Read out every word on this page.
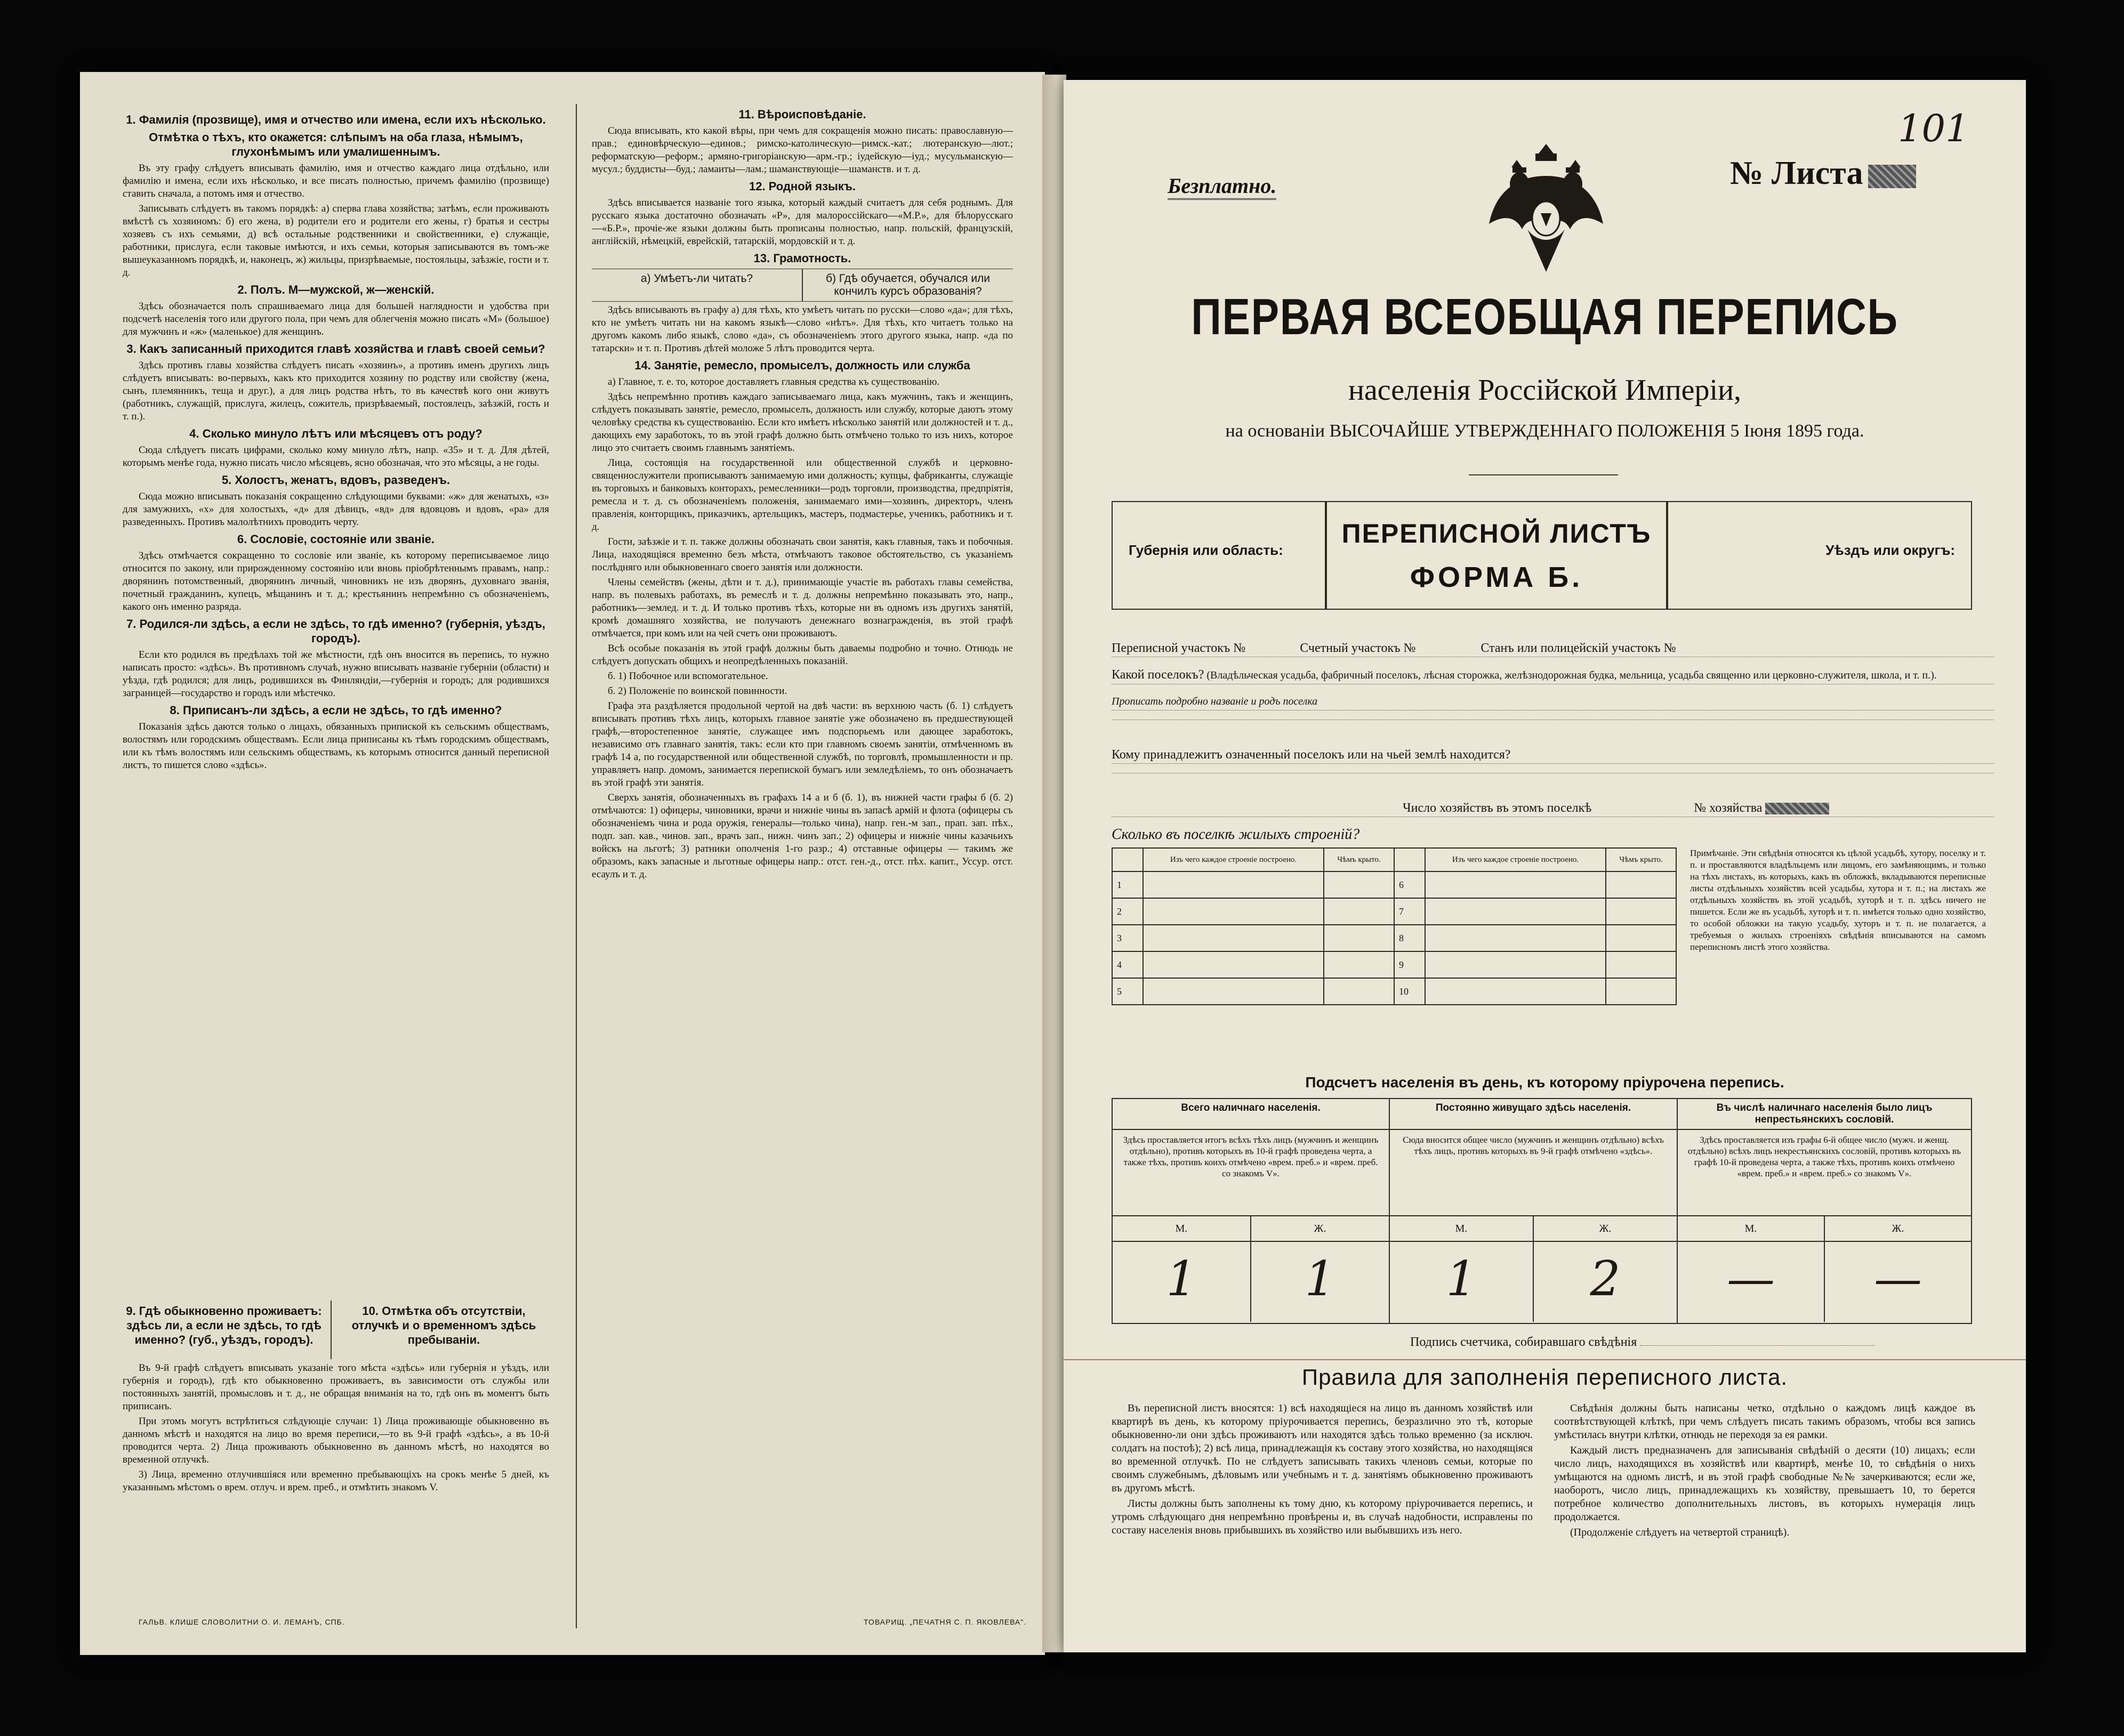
1. Фамилія (прозвище), имя и отчество или имена, если ихъ нѣсколько.
Отмѣтка о тѣхъ, кто окажется: слѣпымъ на оба глаза, нѣмымъ, глухонѣмымъ или умалишеннымъ.

Въ эту графу слѣдуетъ вписывать фамилію, имя и отчество каждаго лица отдѣльно, или фамилію и имена, если ихъ нѣсколько, и все писать полностью, причемъ фамилію (прозвище) ставить сначала, а потомъ имя и отчество.

Записывать слѣдуетъ въ такомъ порядкѣ: а) сперва глава хозяйства; затѣмъ, если проживають вмѣстѣ съ хозяиномъ: б) его жена, в) родители его и родители его жены, г) братья и сестры хозяевъ съ ихъ семьями, д) всѣ остальные родственники и свойственники, е) служащіе, работники, прислуга, если таковые имѣются, и ихъ семьи, которыя записываются въ томъ-же вышеуказанномъ порядкѣ, и, наконецъ, ж) жильцы, призрѣваемые, постояльцы, заѣзжіе, гости и т. д.

2. Полъ. М—мужской, ж—женскій.

Здѣсь обозначается полъ спрашиваемаго лица для большей наглядности и удобства при подсчетѣ населенія того или другого пола, при чемъ для облегченія можно писать «М» (большое) для мужчинъ и «ж» (маленькое) для женщинъ.

3. Какъ записанный приходится главѣ хозяйства и главѣ своей семьи?

Здѣсь противъ главы хозяйства слѣдуетъ писать «хозяинъ», а противъ именъ другихъ лицъ слѣдуетъ вписывать: во-первыхъ, какъ кто приходится хозяину по родству или свойству (жена, сынъ, племянникъ, теща и друг.), а для лицъ родства нѣтъ, то въ качествѣ кого они живутъ (работникъ, служащій, прислуга, жилецъ, сожитель, призрѣваемый, постоялецъ, заѣзжій, гость и т. п.).

4. Сколько минуло лѣтъ или мѣсяцевъ отъ роду?

Сюда слѣдуетъ писать цифрами, сколько кому минуло лѣтъ, напр. «35» и т. д. Для дѣтей, которымъ менѣе года, нужно писать число мѣсяцевъ, ясно обозначая, что это мѣсяцы, а не годы.

5. Холостъ, женатъ, вдовъ, разведенъ.

Сюда можно вписывать показанія сокращенно слѣдующими буквами: «ж» для женатыхъ, «з» для замужнихъ, «х» для холостыхъ, «д» для дѣвицъ, «вд» для вдовцовъ и вдовъ, «ра» для разведенныхъ. Противъ малолѣтнихъ проводить черту.

6. Сословіе, состояніе или званіе.

Здѣсь отмѣчается сокращенно то сословіе или званіе, къ которому переписываемое лицо относится по закону, или прирожденному состоянію или вновь пріобрѣтеннымъ правамъ, напр.: дворянинъ потомственный, дворянинъ личный, чиновникъ не изъ дворянъ, духовнаго званія, почетный гражданинъ, купецъ, мѣщанинъ и т. д.; крестьянинъ непремѣнно съ обозначеніемъ, какого онъ именно разряда.

7. Родился-ли здѣсь, а если не здѣсь, то гдѣ именно? (губернія, уѣздъ, городъ).

Если кто родился въ предѣлахъ той же мѣстности, гдѣ онъ вносится въ перепись, то нужно написать просто: «здѣсь». Въ противномъ случаѣ, нужно вписывать названіе губерніи (области) и уѣзда, гдѣ родился; для лицъ, родившихся въ Финляндіи,—губернія и городъ; для родившихся заграницей—государство и городъ или мѣстечко.

8. Приписанъ-ли здѣсь, а если не здѣсь, то гдѣ именно?

Показанія здѣсь даются только о лицахъ, обязанныхъ припиской къ сельскимъ обществамъ, волостямъ или городскимъ обществамъ. Если лица приписаны къ тѣмъ городскимъ обществамъ, или къ тѣмъ волостямъ или сельскимъ обществамъ, къ которымъ относится данный переписной листъ, то пишется слово «здѣсь».

9. Гдѣ обыкновенно проживаетъ: здѣсь ли, а если не здѣсь, то гдѣ именно? (губ., уѣздъ, городъ).
10. Отмѣтка объ отсутствіи, отлучкѣ и о временномъ здѣсь пребываніи.

Въ 9-й графѣ слѣдуетъ вписывать указаніе того мѣста «здѣсь» или губернія и уѣздъ, или губернія и городъ), гдѣ кто обыкновенно проживаетъ, въ зависимости отъ службы или постоянныхъ занятій, промысловъ и т. д., не обращая вниманія на то, гдѣ онъ въ моментъ быть приписанъ.

При этомъ могутъ встрѣтиться слѣдующіе случаи: 1) Лица проживающіе обыкновенно въ данномъ мѣстѣ и находятся на лицо во время переписи,—то въ 9-й графѣ «здѣсь», а въ 10-й проводится черта. 2) Лица проживають обыкновенно въ данномъ мѣстѣ, но находятся во временной отлучкѣ.

3) Лица, временно отлучившіяся или временно пребывающіхъ на срокъ менѣе 5 дней, къ указаннымъ мѣстомъ о врем. отлуч. и врем. преб., и отмѣтить знакомъ V.

11. Вѣроисповѣданіе.

Сюда вписывать, кто какой вѣры, при чемъ для сокращенія можно писать: православную—прав.; единовѣрческую—единов.; римско-католическую—римск.-кат.; лютеранскую—лют.; реформатскую—реформ.; армяно-григоріанскую—арм.-гр.; іудейскую—іуд.; мусульманскую—мусул.; буддисты—буд.; ламаиты—лам.; шаманствующіе—шаманств. и т. д.

12. Родной языкъ.

Здѣсь вписывается названіе того языка, который каждый считаетъ для себя роднымъ. Для русскаго языка достаточно обозначать «Р», для малороссійскаго—«М.Р.», для бѣлорусскаго—«Б.Р.», прочіе-же языки должны быть прописаны полностью, напр. польскій, французскій, англійскій, нѣмецкій, еврейскій, татарскій, мордовскій и т. д.

13. Грамотность.
а) Умѣетъ-ли читать?	б) Гдѣ обучается, обучался или кончилъ курсъ образованія?

Здѣсь вписывають въ графу а) для тѣхъ, кто умѣетъ читать по русски—слово «да»; для тѣхъ, кто не умѣетъ читать ни на какомъ языкѣ—слово «нѣтъ». Для тѣхъ, кто читаетъ только на другомъ какомъ либо языкѣ, слово «да», съ обозначеніемъ этого другого языка, напр. «да по татарски» и т. п. Противъ дѣтей моложе 5 лѣтъ проводится черта.

14. Занятіе, ремесло, промыселъ, должность или служба

а) Главное, т. е. то, которое доставляетъ главныя средства къ существованію.

Здѣсь непремѣнно противъ каждаго записываемаго лица, какъ мужчинъ, такъ и женщинъ, слѣдуетъ показывать занятіе, ремесло, промыселъ, должность или службу, которые даютъ этому человѣку средства къ существованію. Если кто имѣетъ нѣсколько занятій или должностей и т. д., дающихъ ему заработокъ, то въ этой графѣ должно быть отмѣчено только то изъ нихъ, которое лицо это считаетъ своимъ главнымъ занятіемъ.

Лица, состоящія на государственной или общественной службѣ и церковно-священнослужители прописываютъ занимаемую ими должность; купцы, фабриканты, служащіе въ торговыхъ и банковыхъ конторахъ, ремесленники—родъ торговли, производства, предпріятія, ремесла и т. д. съ обозначеніемъ положенія, занимаемаго ими—хозяинъ, директоръ, членъ правленія, конторщикъ, приказчикъ, артельщикъ, мастеръ, подмастерье, ученикъ, работникъ и т. д.

Гости, заѣзжіе и т. п. также должны обозначать свои занятія, какъ главныя, такъ и побочныя. Лица, находящіяся временно безъ мѣста, отмѣчаютъ таковое обстоятельство, съ указаніемъ послѣдняго или обыкновеннаго своего занятія или должности.

Члены семействъ (жены, дѣти и т. д.), принимающіе участіе въ работахъ главы семейства, напр. въ полевыхъ работахъ, въ ремеслѣ и т. д. должны непремѣнно показывать это, напр., работникъ—землед. и т. д. И только противъ тѣхъ, которые ни въ одномъ изъ другихъ занятій, кромѣ домашняго хозяйства, не получаютъ денежнаго вознагражденія, въ этой графѣ отмѣчается, при комъ или на чей счетъ они проживаютъ.

Всѣ особые показанія въ этой графѣ должны быть даваемы подробно и точно. Отнюдь не слѣдуетъ допускать общихъ и неопредѣленныхъ показаній.

б. 1) Побочное или вспомогательное.

б. 2) Положеніе по воинской повинности.

Графа эта раздѣляется продольной чертой на двѣ части: въ верхнюю часть (б. 1) слѣдуетъ вписывать противъ тѣхъ лицъ, которыхъ главное занятіе уже обозначено въ предшествующей графѣ,—второстепенное занятіе, служащее имъ подспорьемъ или дающее заработокъ, независимо отъ главнаго занятія, такъ: если кто при главномъ своемъ занятіи, отмѣченномъ въ графѣ 14 а, по государственной или общественной службѣ, по торговлѣ, промышленности и пр. управляетъ напр. домомъ, занимается перепиской бумагъ или земледѣліемъ, то онъ обозначаетъ въ этой графѣ эти занятія.

Сверхъ занятія, обозначенныхъ въ графахъ 14 а и б (б. 1), въ нижней части графы б (б. 2) отмѣчаются: 1) офицеры, чиновники, врачи и нижніе чины въ запасѣ армій и флота (офицеры съ обозначеніемъ чина и рода оружія, генералы—только чина), напр. ген.-м зап., прап. зап. пѣх., подп. зап. кав., чинов. зап., врачъ зап., нижн. чинъ зап.; 2) офицеры и нижніе чины казачьихъ войскъ на льготѣ; 3) ратники ополченія 1-го разр.; 4) отставные офицеры — такимъ же образомъ, какъ запасные и льготные офицеры напр.: отст. ген.-д., отст. пѣх. капит., Уссур. отст. есаулъ и т. д.

ГАЛЬВ. КЛИШЕ СЛОВОЛИТНИ О. И. ЛЕМАНЪ, СПБ.	ТОВАРИЩ. „ПЕЧАТНЯ С. П. ЯКОВЛЕВА".
Безплатно.	№ Листа
101
ПЕРВАЯ ВСЕОБЩАЯ ПЕРЕПИСЬ
населенія Россійской Имперіи,
на основаніи ВЫСОЧАЙШЕ УТВЕРЖДЕННАГО ПОЛОЖЕНІЯ 5 Іюня 1895 года.
Губернія или область:
ПЕРЕПИСНОЙ ЛИСТЪ
ФОРМА Б.
Уѣздъ или округъ:
Переписной участокъ №	Счетный участокъ №	Станъ или полицейскій участокъ №
Какой поселокъ? (Владѣльческая усадьба, фабричный поселокъ, лѣсная сторожка, желѣзнодорожная будка, мельница, усадьба священно или церковно-служителя, школа, и т. п.).
Прописать подробно названіе и родъ поселка
Кому принадлежитъ означенный поселокъ или на чьей землѣ находится?
Число хозяйствъ въ этомъ поселкѣ	№ хозяйства
Сколько въ поселкѣ жилыхъ строеній?
	Изъ чего каждое строеніе построено.	Чѣмъ крыто.		Изъ чего каждое строеніе построено.	Чѣмъ крыто.
1			6		
2			7		
3			8		
4			9		
5			10		
Примѣчаніе. Эти свѣдѣнія относятся къ цѣлой усадьбѣ, хутору, поселку и т. п. и проставляются владѣльцемъ или лицомъ, его замѣняющимъ, и только на тѣхъ листахъ, въ которыхъ, какъ въ обложкѣ, вкладываются переписные листы отдѣльныхъ хозяйствъ всей усадьбы, хутора и т. п.; на листахъ же отдѣльныхъ хозяйствъ въ этой усадьбѣ, хуторѣ и т. п. здѣсь ничего не пишется. Если же въ усадьбѣ, хуторѣ и т. п. имѣется только одно хозяйство, то особой обложки на такую усадьбу, хуторъ и т. п. не полагается, а требуемыя о жилыхъ строеніяхъ свѣдѣнія вписываются на самомъ переписномъ листѣ этого хозяйства.
Подсчетъ населенія въ день, къ которому пріурочена перепись.
Всего наличнаго населенія.
Здѣсь проставляется итогъ всѣхъ тѣхъ лицъ (мужчинъ и женщинъ отдѣльно), противъ которыхъ въ 10-й графѣ проведена черта, а также тѣхъ, противъ коихъ отмѣчено «врем. преб.» и «врем. преб. со знакомъ V».
М.	Ж.
1	1
Постоянно живущаго здѣсь населенія.
Сюда вносится общее число (мужчинъ и женщинъ отдѣльно) всѣхъ тѣхъ лицъ, противъ которыхъ въ 9-й графѣ отмѣчено «здѣсь».
М.	Ж.
1	2
Въ числѣ наличнаго населенія было лицъ непрестьянскихъ сословій.
Здѣсь проставляется изъ графы 6-й общее число (мужч. и женщ. отдѣльно) всѣхъ лицъ некрестьянскихъ сословій, противъ которыхъ въ графѣ 10-й проведена черта, а также тѣхъ, противъ коихъ отмѣчено «врем. преб.» и «врем. преб.» со знакомъ V».
М.	Ж.
—	—
Подпись счетчика, собиравшаго свѣдѣнія
Правила для заполненія переписного листа.

Въ переписной листъ вносятся: 1) всѣ находящіеся на лицо въ данномъ хозяйствѣ или квартирѣ въ день, къ которому пріурочивается перепись, безразлично это тѣ, которые обыкновенно-ли они здѣсь проживаютъ или находятся здѣсь только временно (за исключ. солдатъ на постоѣ); 2) всѣ лица, принадлежащія къ составу этого хозяйства, но находящіяся во временной отлучкѣ. По не слѣдуетъ записывать такихъ членовъ семьи, которые по своимъ служебнымъ, дѣловымъ или учебнымъ и т. д. занятіямъ обыкновенно проживаютъ въ другомъ мѣстѣ.

Листы должны быть заполнены къ тому дню, къ которому пріурочивается перепись, и утромъ слѣдующаго дня непремѣнно провѣрены и, въ случаѣ надобности, исправлены по составу населенія вновь прибывшихъ въ хозяйство или выбывшихъ изъ него.

Свѣдѣнія должны быть написаны четко, отдѣльно о каждомъ лицѣ каждое въ соотвѣтствующей клѣткѣ, при чемъ слѣдуетъ писать такимъ образомъ, чтобы вся запись умѣстилась внутри клѣтки, отнюдь не переходя за ея рамки.

Каждый листъ предназначенъ для записыванія свѣдѣній о десяти (10) лицахъ; если число лицъ, находящихся въ хозяйствѣ или квартирѣ, менѣе 10, то свѣдѣнія о нихъ умѣщаются на одномъ листѣ, и въ этой графѣ свободные №№ зачеркиваются; если же, наоборотъ, число лицъ, принадлежащихъ къ хозяйству, превышаетъ 10, то берется потребное количество дополнительныхъ листовъ, въ которыхъ нумерація лицъ продолжается.

(Продолженіе слѣдуетъ на четвертой страницѣ).
